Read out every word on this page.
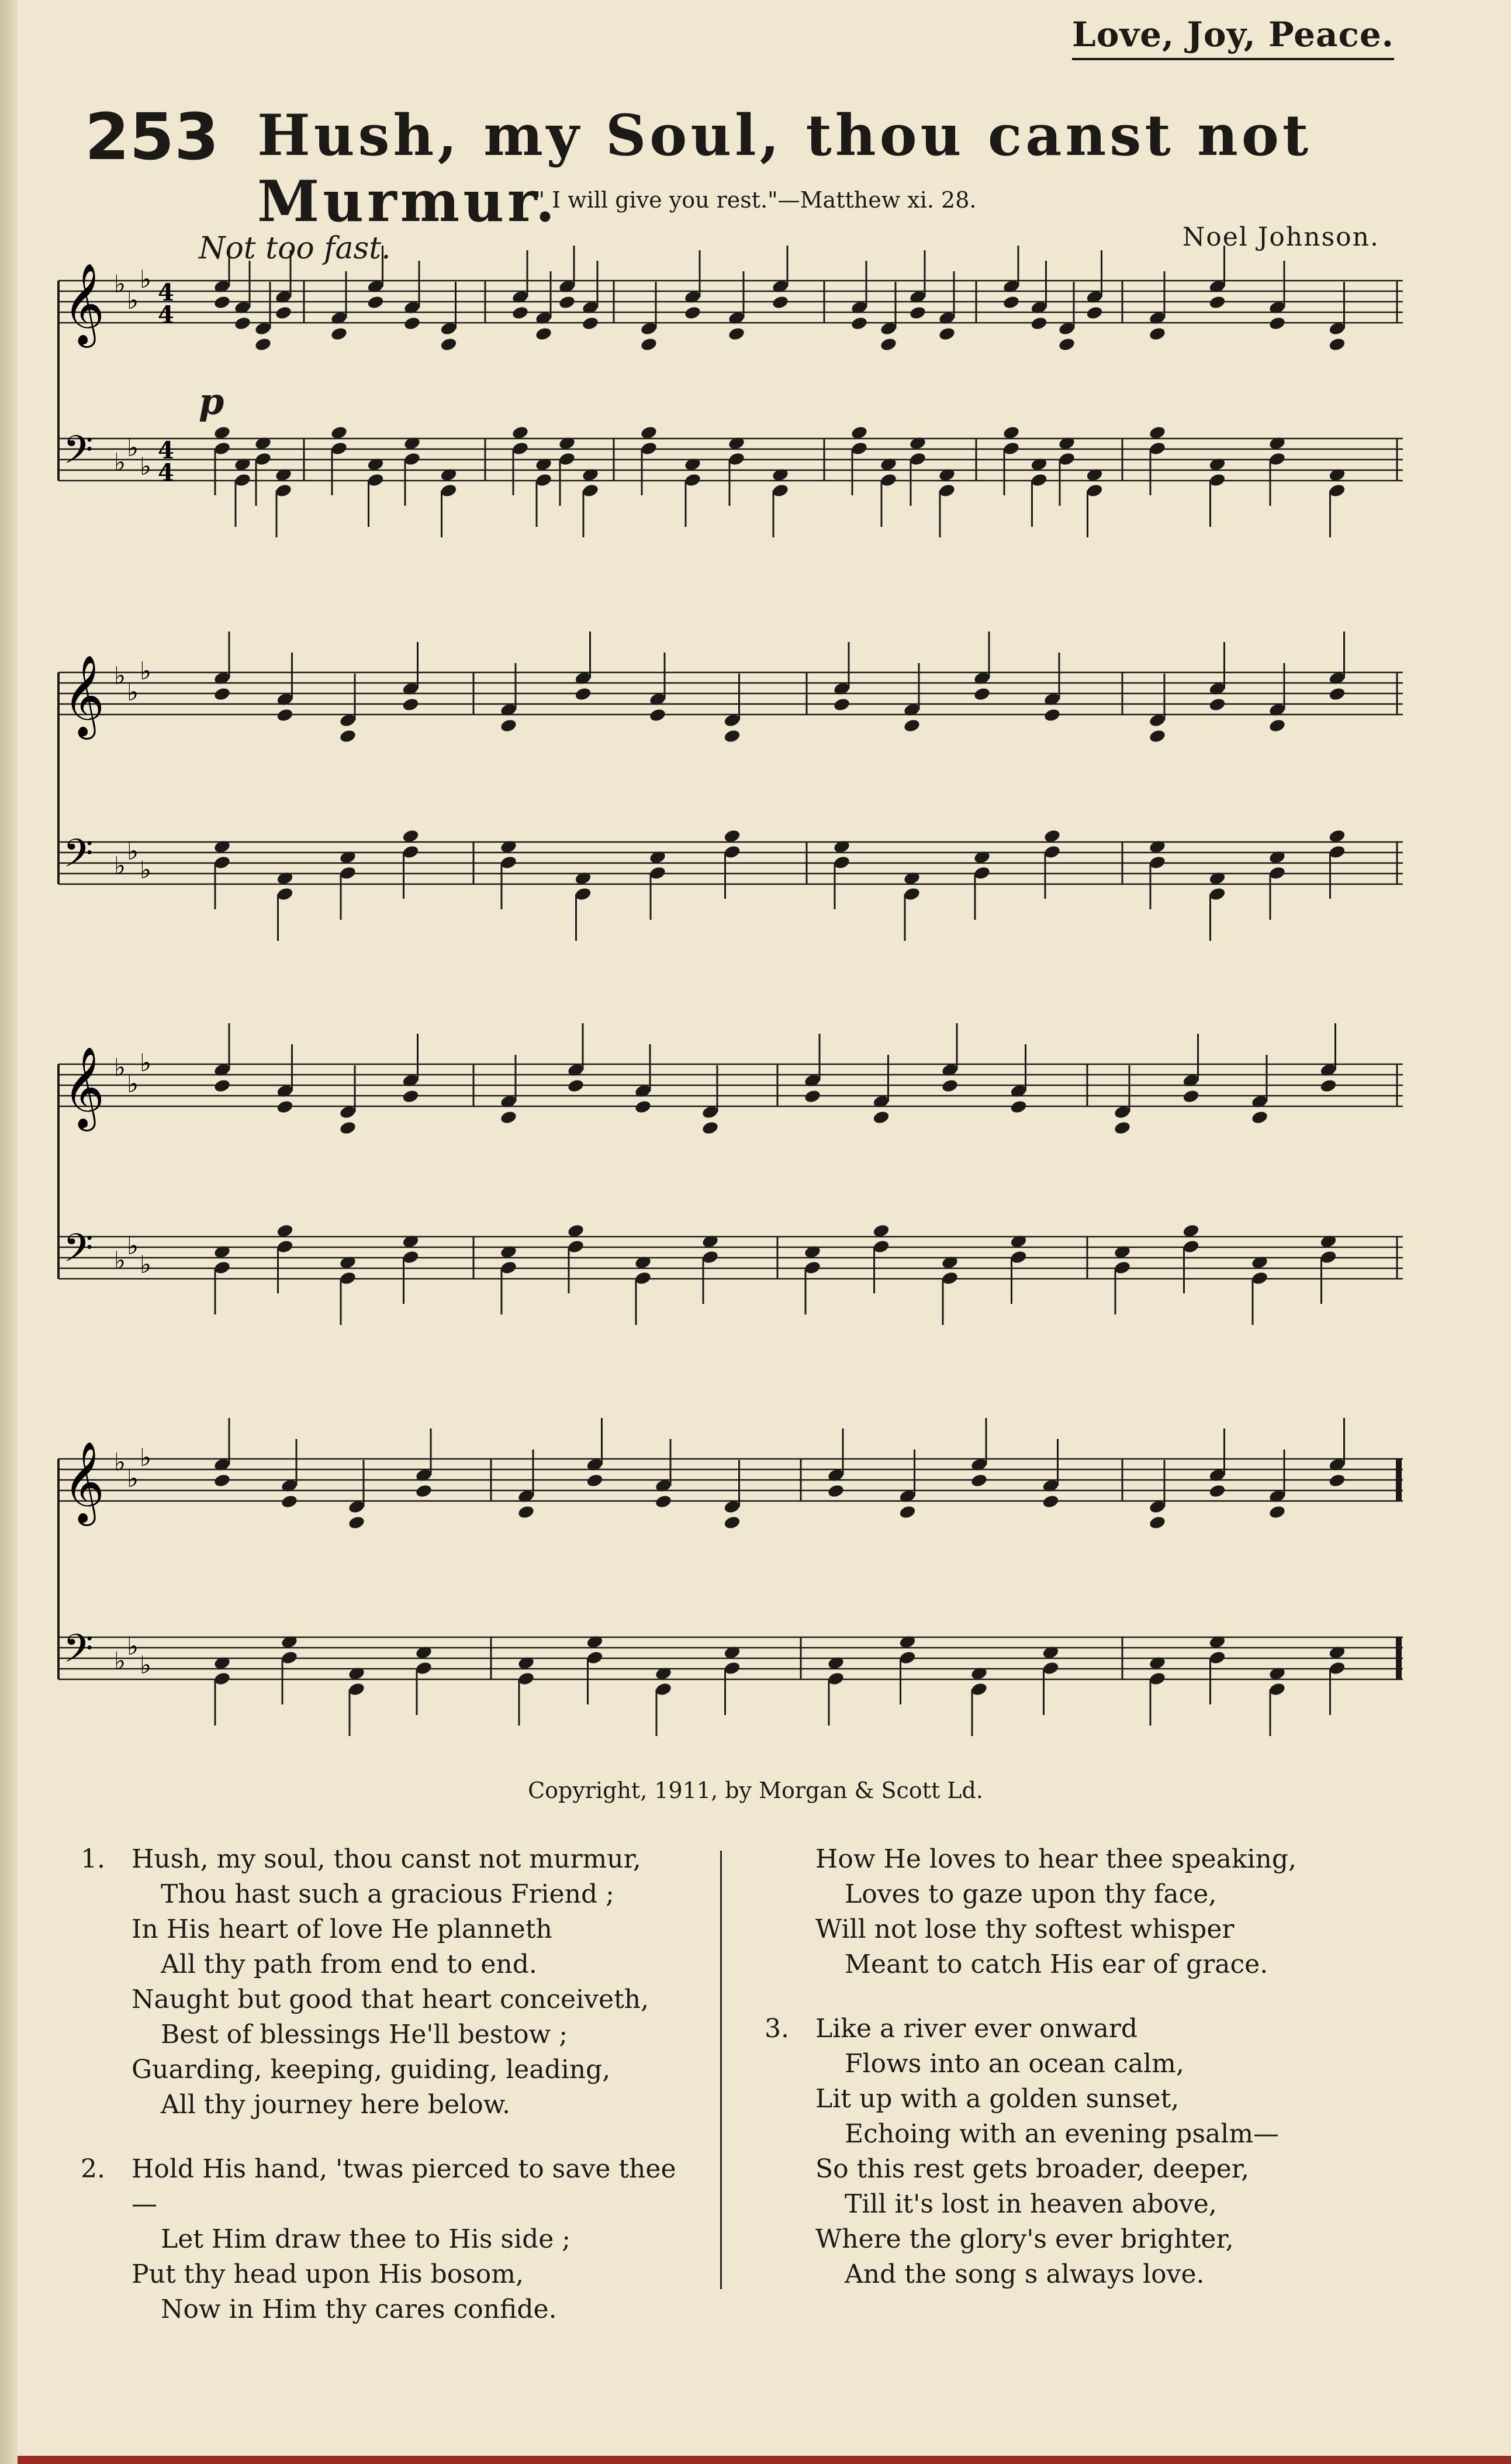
Love, Joy, Peace.
253 Hush, my Soul, thou canst not Murmur.
" I will give you rest."—Matthew xi. 28.
Not too fast.	Noel Johnson.
𝄞 ♭
♭
♭ 4
4
𝄢 ♭
♭
♭
4
4
𝄞 ♭
♭
♭
𝄢 ♭
♭
♭
𝄞 ♭
♭
♭
𝄢 ♭
♭
♭
𝄞 ♭
♭
♭
𝄢 ♭
♭
♭
p
Copyright, 1911, by Morgan & Scott Ld.
1.	Hush, my soul, thou canst not murmur,
Thou hast such a gracious Friend ;
In His heart of love He planneth
All thy path from end to end.
Naught but good that heart conceiveth,
Best of blessings He'll bestow ;
Guarding, keeping, guiding, leading,
All thy journey here below.
2.	Hold His hand, 'twas pierced to save thee—
Let Him draw thee to His side ;
Put thy head upon His bosom,
Now in Him thy cares confide.
How He loves to hear thee speaking,
Loves to gaze upon thy face,
Will not lose thy softest whisper
Meant to catch His ear of grace.
3.	Like a river ever onward
Flows into an ocean calm,
Lit up with a golden sunset,
Echoing with an evening psalm—
So this rest gets broader, deeper,
Till it's lost in heaven above,
Where the glory's ever brighter,
And the song s always love.
